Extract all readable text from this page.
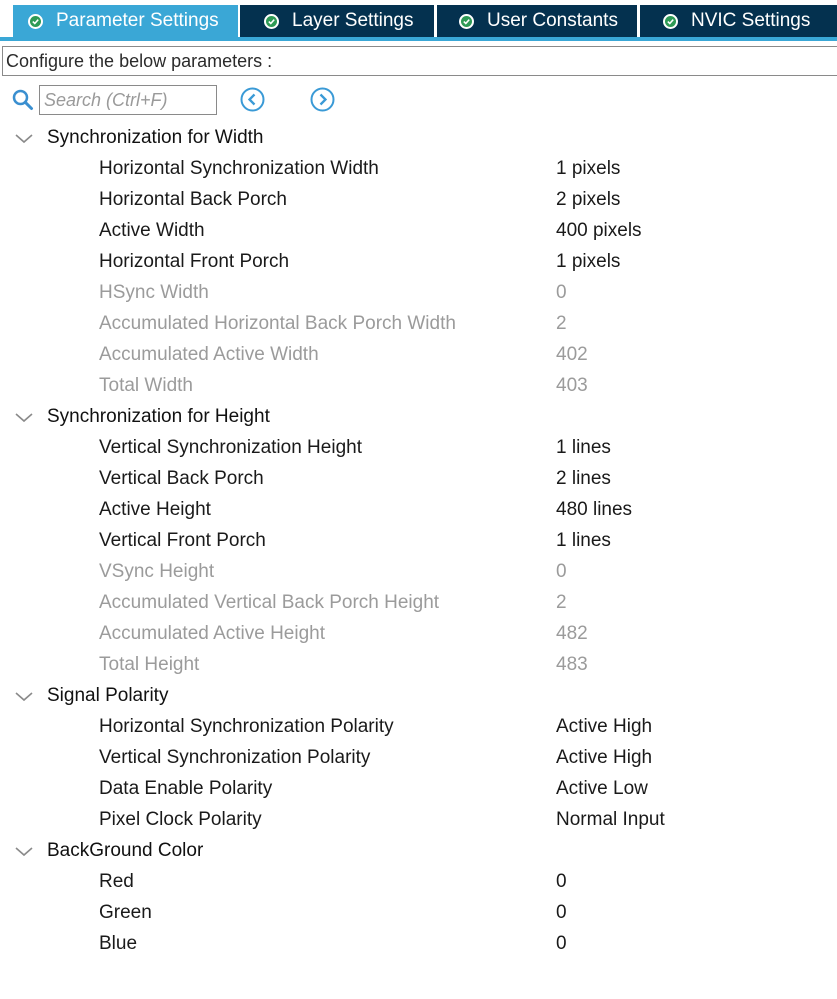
Parameter Settings	Layer Settings	User Constants	NVIC Settings
Configure the below parameters :
Search (Ctrl+F)
Synchronization for Width
Horizontal Synchronization Width	1 pixels
Horizontal Back Porch	2 pixels
Active Width	400 pixels
Horizontal Front Porch	1 pixels
HSync Width	0
Accumulated Horizontal Back Porch Width	2
Accumulated Active Width	402
Total Width	403
Synchronization for Height
Vertical Synchronization Height	1 lines
Vertical Back Porch	2 lines
Active Height	480 lines
Vertical Front Porch	1 lines
VSync Height	0
Accumulated Vertical Back Porch Height	2
Accumulated Active Height	482
Total Height	483
Signal Polarity
Horizontal Synchronization Polarity	Active High
Vertical Synchronization Polarity	Active High
Data Enable Polarity	Active Low
Pixel Clock Polarity	Normal Input
BackGround Color
Red	0
Green	0
Blue	0
